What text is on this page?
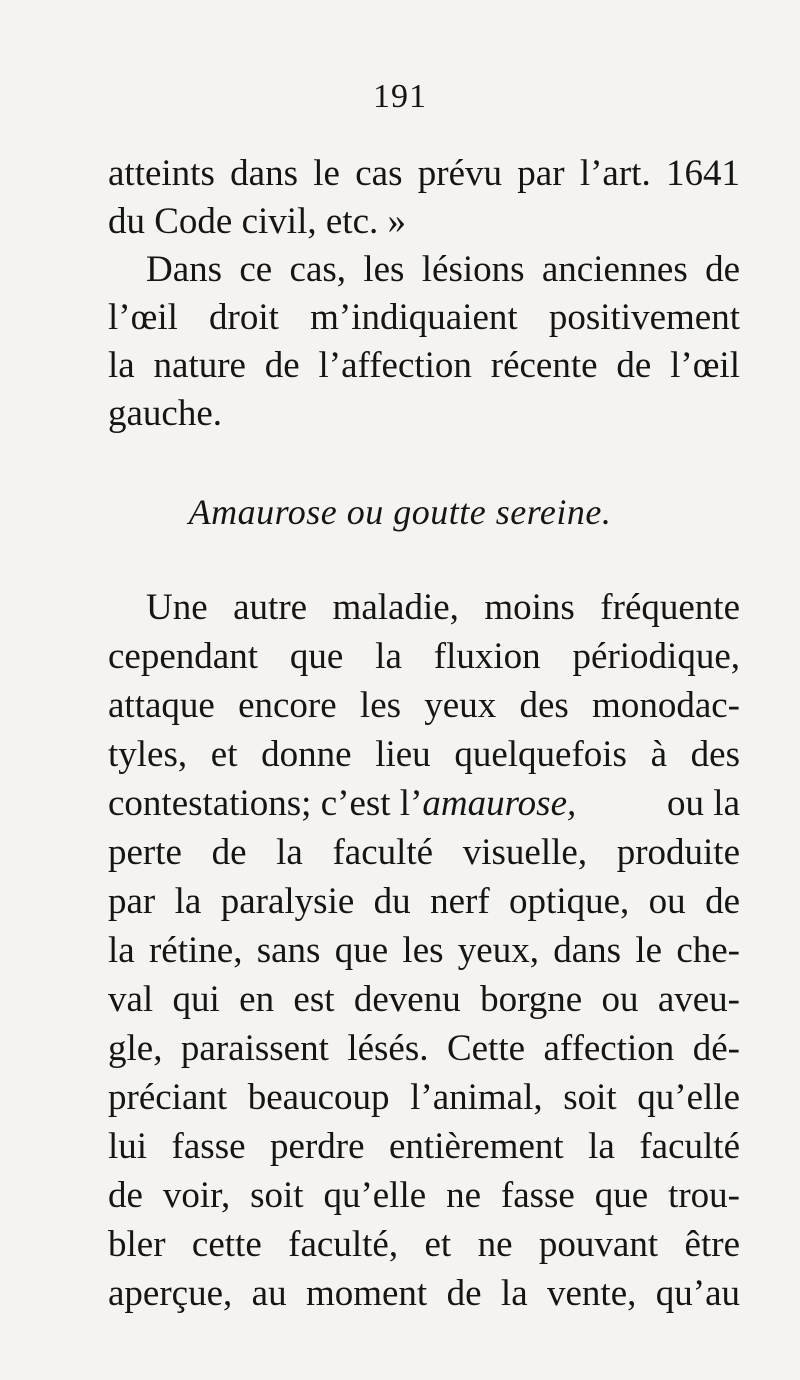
191
atteints dans le cas prévu par l’art. 1641
du Code civil, etc. »
Dans ce cas, les lésions anciennes de
l’œil droit m’indiquaient positivement
la nature de l’affection récente de l’œil
gauche.
Amaurose ou goutte sereine.
Une autre maladie, moins fréquente
cependant que la fluxion périodique,
attaque encore les yeux des monodac-
tyles, et donne lieu quelquefois à des
contestations; c’est l’ amaurose, ou la
perte de la faculté visuelle, produite
par la paralysie du nerf optique, ou de
la rétine, sans que les yeux, dans le che-
val qui en est devenu borgne ou aveu-
gle, paraissent lésés. Cette affection dé-
préciant beaucoup l’animal, soit qu’elle
lui fasse perdre entièrement la faculté
de voir, soit qu’elle ne fasse que trou-
bler cette faculté, et ne pouvant être
aperçue, au moment de la vente, qu’au
